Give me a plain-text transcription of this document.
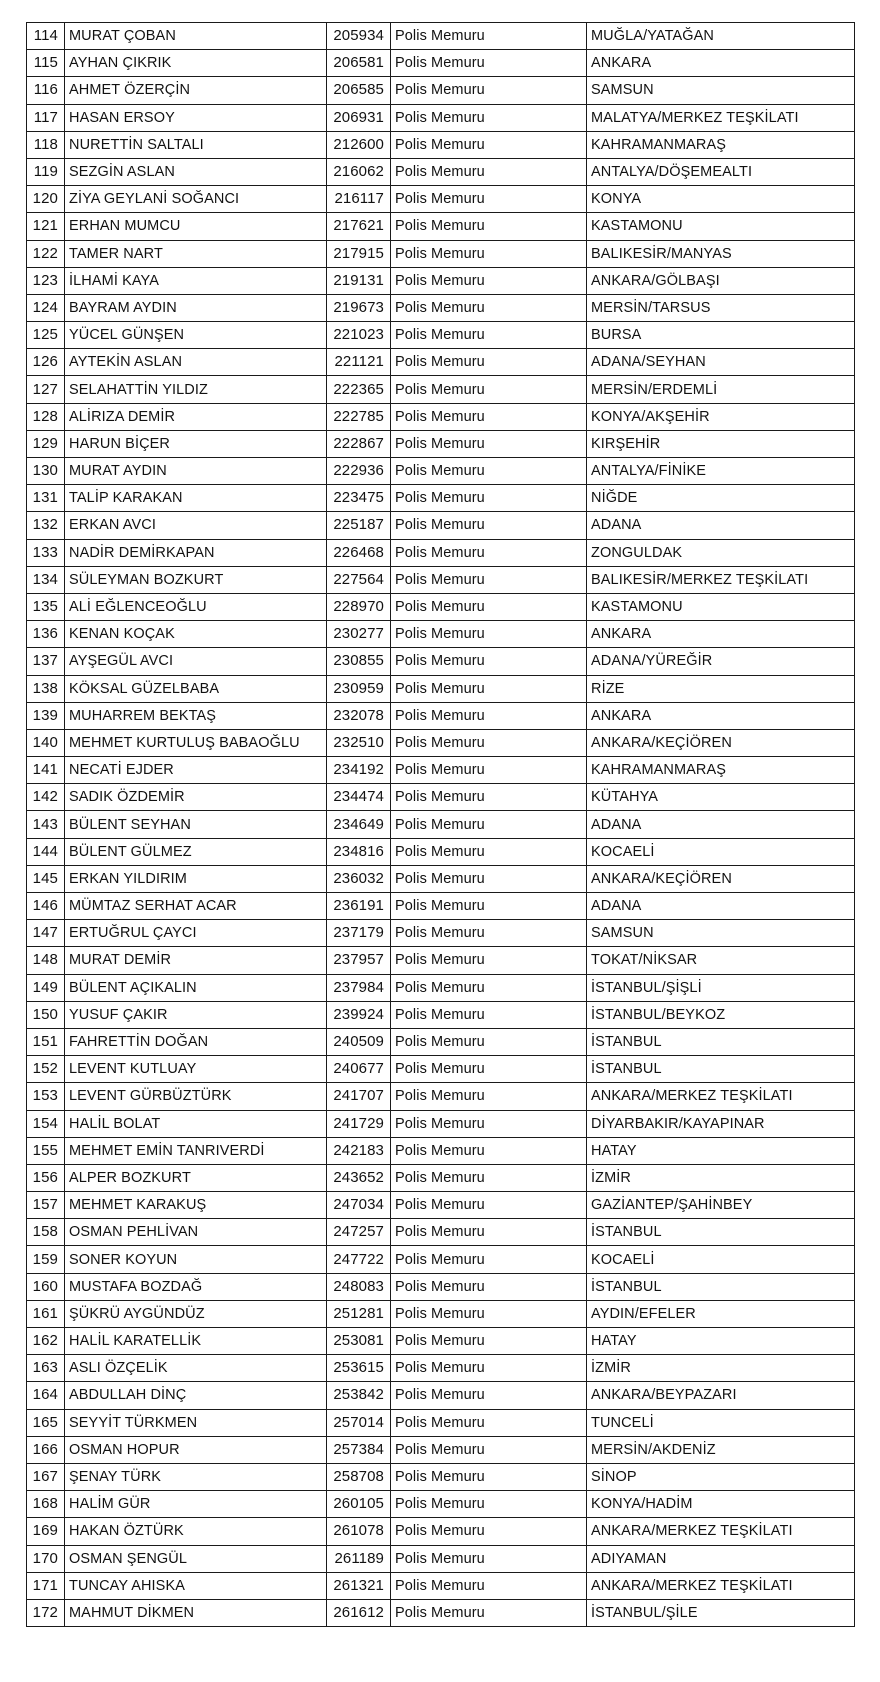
114	MURAT ÇOBAN	205934	Polis Memuru	MUĞLA/YATAĞAN
115	AYHAN ÇIKRIK	206581	Polis Memuru	ANKARA
116	AHMET ÖZERÇİN	206585	Polis Memuru	SAMSUN
117	HASAN ERSOY	206931	Polis Memuru	MALATYA/MERKEZ TEŞKİLATI
118	NURETTİN SALTALI	212600	Polis Memuru	KAHRAMANMARAŞ
119	SEZGİN ASLAN	216062	Polis Memuru	ANTALYA/DÖŞEMEALTI
120	ZİYA GEYLANİ SOĞANCI	216117	Polis Memuru	KONYA
121	ERHAN MUMCU	217621	Polis Memuru	KASTAMONU
122	TAMER NART	217915	Polis Memuru	BALIKESİR/MANYAS
123	İLHAMİ KAYA	219131	Polis Memuru	ANKARA/GÖLBAŞI
124	BAYRAM AYDIN	219673	Polis Memuru	MERSİN/TARSUS
125	YÜCEL GÜNŞEN	221023	Polis Memuru	BURSA
126	AYTEKİN ASLAN	221121	Polis Memuru	ADANA/SEYHAN
127	SELAHATTİN YILDIZ	222365	Polis Memuru	MERSİN/ERDEMLİ
128	ALİRIZA DEMİR	222785	Polis Memuru	KONYA/AKŞEHİR
129	HARUN BİÇER	222867	Polis Memuru	KIRŞEHİR
130	MURAT AYDIN	222936	Polis Memuru	ANTALYA/FİNİKE
131	TALİP KARAKAN	223475	Polis Memuru	NİĞDE
132	ERKAN AVCI	225187	Polis Memuru	ADANA
133	NADİR DEMİRKAPAN	226468	Polis Memuru	ZONGULDAK
134	SÜLEYMAN BOZKURT	227564	Polis Memuru	BALIKESİR/MERKEZ TEŞKİLATI
135	ALİ EĞLENCEOĞLU	228970	Polis Memuru	KASTAMONU
136	KENAN KOÇAK	230277	Polis Memuru	ANKARA
137	AYŞEGÜL AVCI	230855	Polis Memuru	ADANA/YÜREĞİR
138	KÖKSAL GÜZELBABA	230959	Polis Memuru	RİZE
139	MUHARREM BEKTAŞ	232078	Polis Memuru	ANKARA
140	MEHMET KURTULUŞ BABAOĞLU	232510	Polis Memuru	ANKARA/KEÇİÖREN
141	NECATİ EJDER	234192	Polis Memuru	KAHRAMANMARAŞ
142	SADIK ÖZDEMİR	234474	Polis Memuru	KÜTAHYA
143	BÜLENT SEYHAN	234649	Polis Memuru	ADANA
144	BÜLENT GÜLMEZ	234816	Polis Memuru	KOCAELİ
145	ERKAN YILDIRIM	236032	Polis Memuru	ANKARA/KEÇİÖREN
146	MÜMTAZ SERHAT ACAR	236191	Polis Memuru	ADANA
147	ERTUĞRUL ÇAYCI	237179	Polis Memuru	SAMSUN
148	MURAT DEMİR	237957	Polis Memuru	TOKAT/NİKSAR
149	BÜLENT AÇIKALIN	237984	Polis Memuru	İSTANBUL/ŞİŞLİ
150	YUSUF ÇAKIR	239924	Polis Memuru	İSTANBUL/BEYKOZ
151	FAHRETTİN DOĞAN	240509	Polis Memuru	İSTANBUL
152	LEVENT KUTLUAY	240677	Polis Memuru	İSTANBUL
153	LEVENT GÜRBÜZTÜRK	241707	Polis Memuru	ANKARA/MERKEZ TEŞKİLATI
154	HALİL BOLAT	241729	Polis Memuru	DİYARBAKIR/KAYAPINAR
155	MEHMET EMİN TANRIVERDİ	242183	Polis Memuru	HATAY
156	ALPER BOZKURT	243652	Polis Memuru	İZMİR
157	MEHMET KARAKUŞ	247034	Polis Memuru	GAZİANTEP/ŞAHİNBEY
158	OSMAN PEHLİVAN	247257	Polis Memuru	İSTANBUL
159	SONER KOYUN	247722	Polis Memuru	KOCAELİ
160	MUSTAFA BOZDAĞ	248083	Polis Memuru	İSTANBUL
161	ŞÜKRÜ AYGÜNDÜZ	251281	Polis Memuru	AYDIN/EFELER
162	HALİL KARATELLİK	253081	Polis Memuru	HATAY
163	ASLI ÖZÇELİK	253615	Polis Memuru	İZMİR
164	ABDULLAH DİNÇ	253842	Polis Memuru	ANKARA/BEYPAZARI
165	SEYYİT TÜRKMEN	257014	Polis Memuru	TUNCELİ
166	OSMAN HOPUR	257384	Polis Memuru	MERSİN/AKDENİZ
167	ŞENAY TÜRK	258708	Polis Memuru	SİNOP
168	HALİM GÜR	260105	Polis Memuru	KONYA/HADİM
169	HAKAN ÖZTÜRK	261078	Polis Memuru	ANKARA/MERKEZ TEŞKİLATI
170	OSMAN ŞENGÜL	261189	Polis Memuru	ADIYAMAN
171	TUNCAY AHISKA	261321	Polis Memuru	ANKARA/MERKEZ TEŞKİLATI
172	MAHMUT DİKMEN	261612	Polis Memuru	İSTANBUL/ŞİLE
